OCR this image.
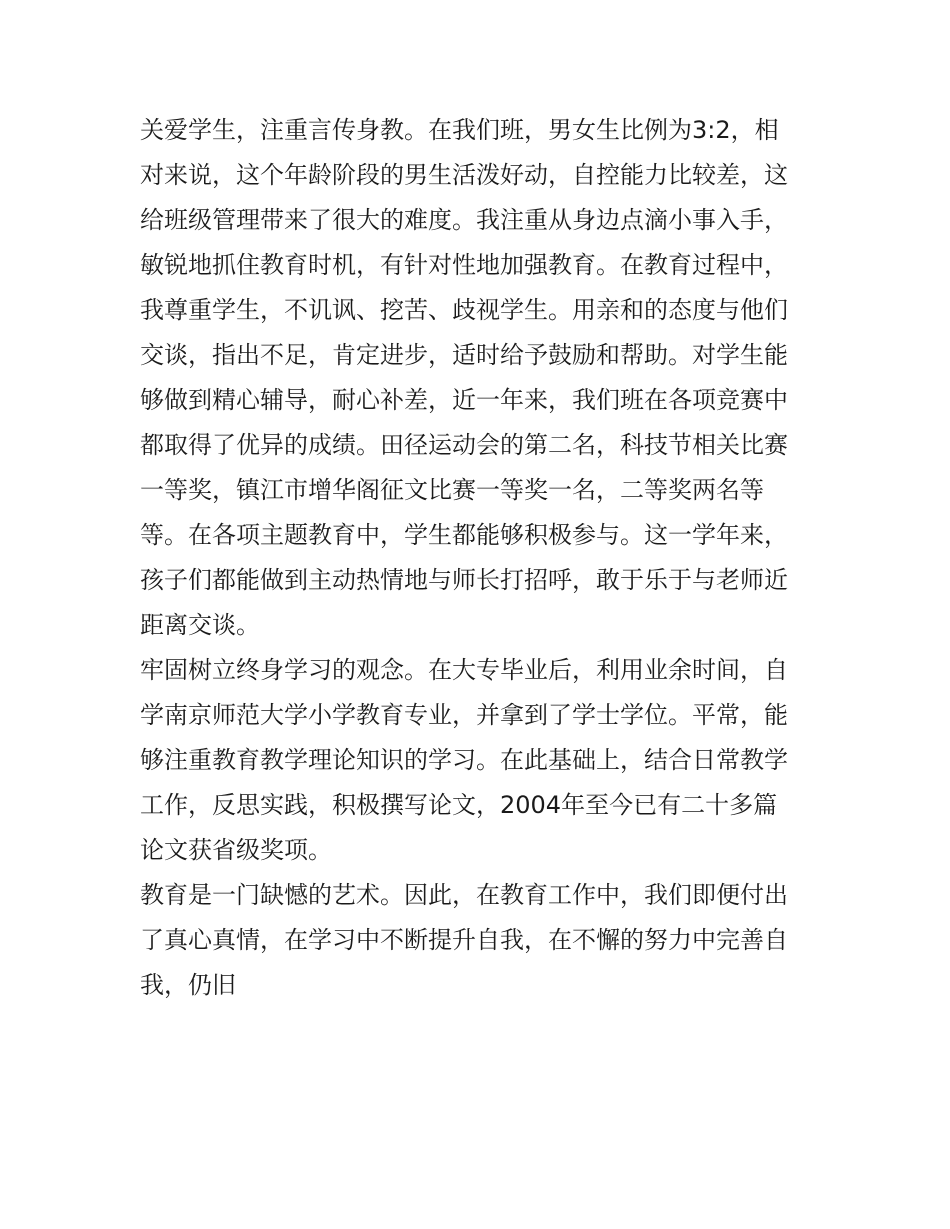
关爱学生，注重言传身教。在我们班，男女生比例为3:2，相
对来说，这个年龄阶段的男生活泼好动，自控能力比较差，这
给班级管理带来了很大的难度。我注重从身边点滴小事入手，
敏锐地抓住教育时机，有针对性地加强教育。在教育过程中，
我尊重学生，不讥讽、挖苦、歧视学生。用亲和的态度与他们
交谈，指出不足，肯定进步，适时给予鼓励和帮助。对学生能
够做到精心辅导，耐心补差，近一年来，我们班在各项竞赛中
都取得了优异的成绩。田径运动会的第二名，科技节相关比赛
一等奖，镇江市增华阁征文比赛一等奖一名，二等奖两名等
等。在各项主题教育中，学生都能够积极参与。这一学年来，
孩子们都能做到主动热情地与师长打招呼，敢于乐于与老师近
距离交谈。
牢固树立终身学习的观念。在大专毕业后，利用业余时间，自
学南京师范大学小学教育专业，并拿到了学士学位。平常，能
够注重教育教学理论知识的学习。在此基础上，结合日常教学
工作，反思实践，积极撰写论文，2004年至今已有二十多篇
论文获省级奖项。
教育是一门缺憾的艺术。因此，在教育工作中，我们即便付出
了真心真情，在学习中不断提升自我，在不懈的努力中完善自
我，仍旧
